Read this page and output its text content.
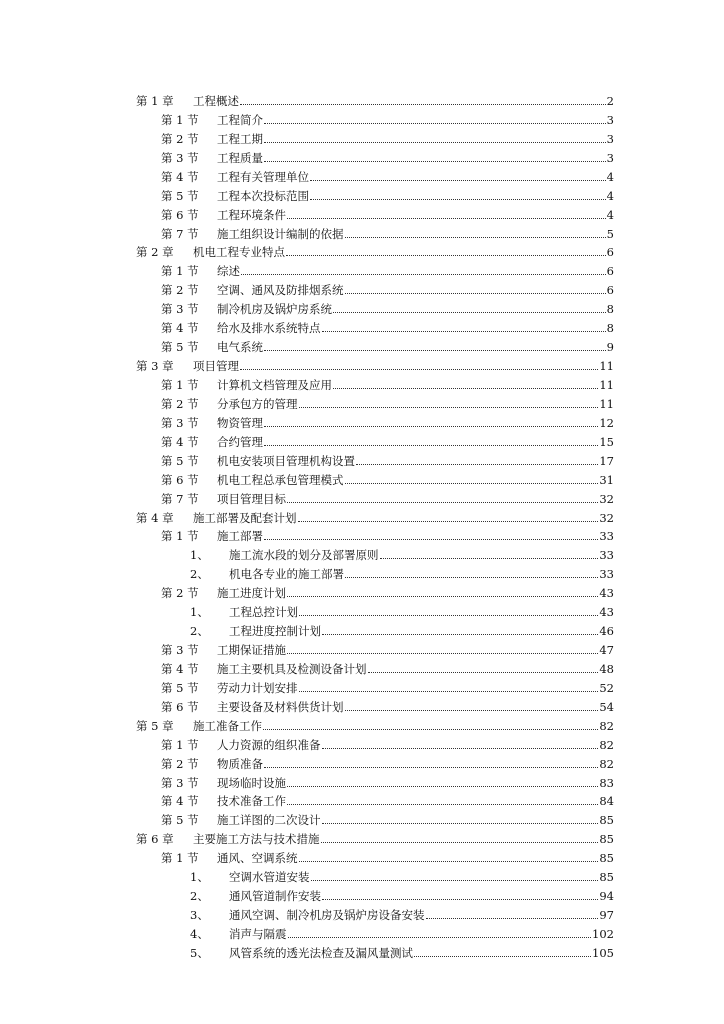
第 1 章	工程概述	2
第 1 节	工程简介	3
第 2 节	工程工期	3
第 3 节	工程质量	3
第 4 节	工程有关管理单位	4
第 5 节	工程本次投标范围	4
第 6 节	工程环境条件	4
第 7 节	施工组织设计编制的依据	5
第 2 章	机电工程专业特点	6
第 1 节	综述	6
第 2 节	空调、通风及防排烟系统	6
第 3 节	制冷机房及锅炉房系统	8
第 4 节	给水及排水系统特点	8
第 5 节	电气系统	9
第 3 章	项目管理	11
第 1 节	计算机文档管理及应用	11
第 2 节	分承包方的管理	11
第 3 节	物资管理	12
第 4 节	合约管理	15
第 5 节	机电安装项目管理机构设置	17
第 6 节	机电工程总承包管理模式	31
第 7 节	项目管理目标	32
第 4 章	施工部署及配套计划	32
第 1 节	施工部署	33
1、	施工流水段的划分及部署原则	33
2、	机电各专业的施工部署	33
第 2 节	施工进度计划	43
1、	工程总控计划	43
2、	工程进度控制计划	46
第 3 节	工期保证措施	47
第 4 节	施工主要机具及检测设备计划	48
第 5 节	劳动力计划安排	52
第 6 节	主要设备及材料供货计划	54
第 5 章	施工准备工作	82
第 1 节	人力资源的组织准备	82
第 2 节	物质准备	82
第 3 节	现场临时设施	83
第 4 节	技术准备工作	84
第 5 节	施工详图的二次设计	85
第 6 章	主要施工方法与技术措施	85
第 1 节	通风、空调系统	85
1、	空调水管道安装	85
2、	通风管道制作安装	94
3、	通风空调、制冷机房及锅炉房设备安装	97
4、	消声与隔震	102
5、	风管系统的透光法检查及漏风量测试	105
